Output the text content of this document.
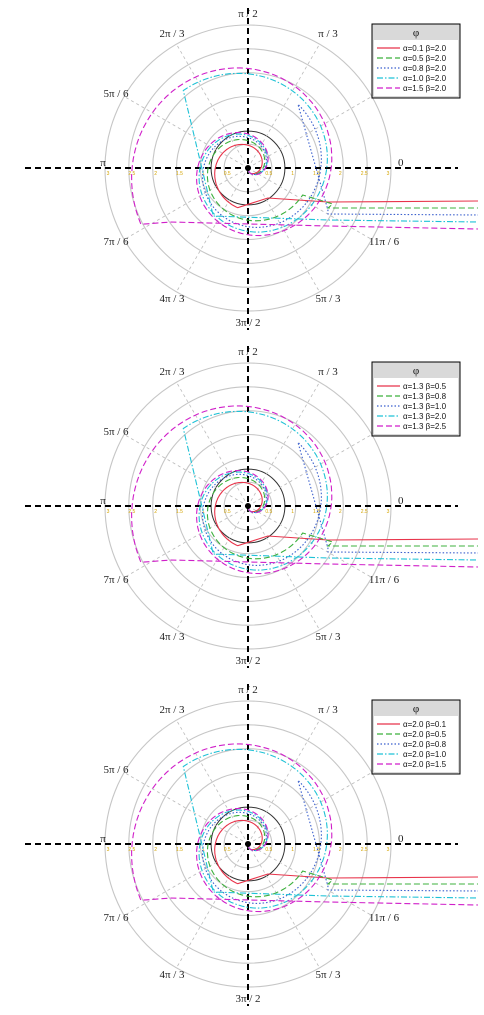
0
π / 3
π / 2
2π / 3
5π / 6
π
7π / 6
4π / 3
3π / 2
5π / 3
11π / 6
0.5
0.5	1
1	1.5
1.5	2
2	2.5
2.5	3
3
φ
α=0.1 β=2.0
α=0.5 β=2.0
α=0.8 β=2.0
α=1.0 β=2.0
α=1.5 β=2.0
0
π / 3
π / 2
2π / 3
5π / 6
π
7π / 6
4π / 3
3π / 2
5π / 3
11π / 6
0.5
0.5	1
1	1.5
1.5	2
2	2.5
2.5	3
3
φ
α=1.3 β=0.5
α=1.3 β=0.8
α=1.3 β=1.0
α=1.3 β=2.0
α=1.3 β=2.5
0
π / 3
π / 2
2π / 3
5π / 6
π
7π / 6
4π / 3
3π / 2
5π / 3
11π / 6
0.5
0.5	1
1	1.5
1.5	2
2	2.5
2.5	3
3
φ
α=2.0 β=0.1
α=2.0 β=0.5
α=2.0 β=0.8
α=2.0 β=1.0
α=2.0 β=1.5
